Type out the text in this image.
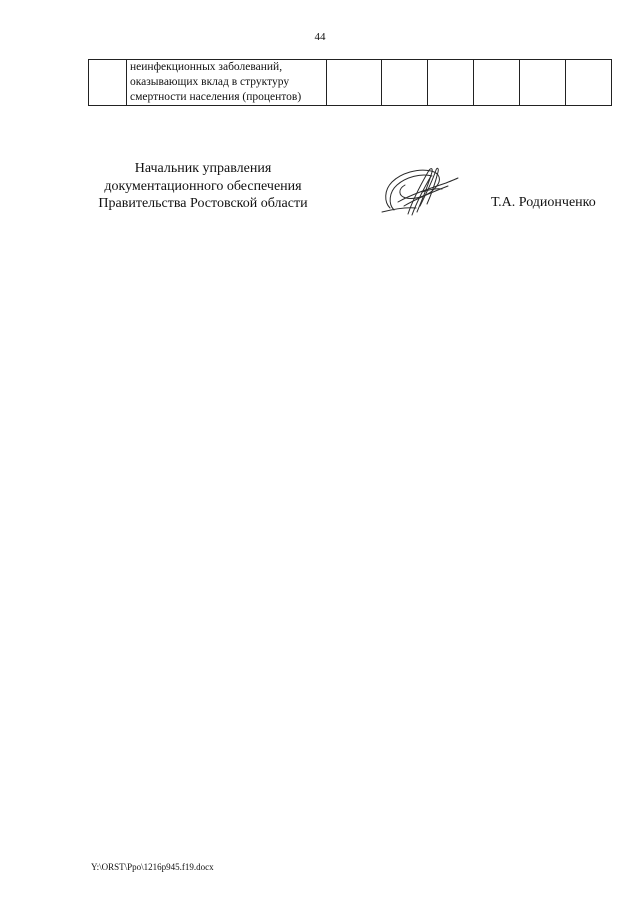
44

неинфекционных заболеваний,
оказывающих вклад в структуру
смертности населения (процентов)

Начальник управления
документационного обеспечения
Правительства Ростовской области	Т.А. Родионченко
Y:\ORST\Ppo\1216p945.f19.docx
